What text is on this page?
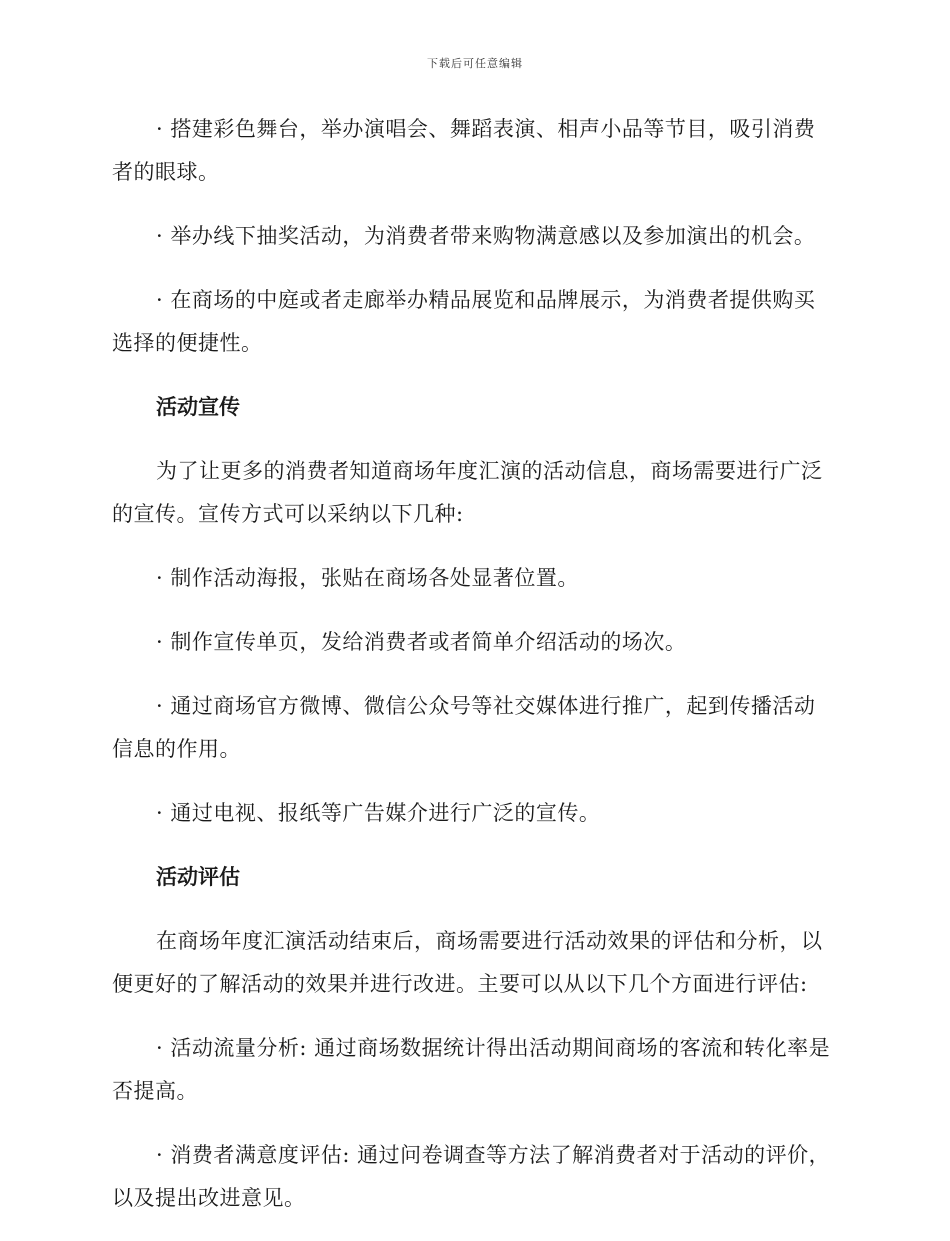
下载后可任意编辑

· 搭建彩色舞台，举办演唱会、舞蹈表演、相声小品等节目，吸引消费者的眼球。

· 举办线下抽奖活动，为消费者带来购物满意感以及参加演出的机会。

· 在商场的中庭或者走廊举办精品展览和品牌展示，为消费者提供购买选择的便捷性。

活动宣传

为了让更多的消费者知道商场年度汇演的活动信息，商场需要进行广泛的宣传。宣传方式可以采纳以下几种:

· 制作活动海报，张贴在商场各处显著位置。

· 制作宣传单页，发给消费者或者简单介绍活动的场次。

· 通过商场官方微博、微信公众号等社交媒体进行推广，起到传播活动信息的作用。

· 通过电视、报纸等广告媒介进行广泛的宣传。

活动评估

在商场年度汇演活动结束后，商场需要进行活动效果的评估和分析，以便更好的了解活动的效果并进行改进。主要可以从以下几个方面进行评估:

· 活动流量分析: 通过商场数据统计得出活动期间商场的客流和转化率是否提高。

· 消费者满意度评估: 通过问卷调查等方法了解消费者对于活动的评价，以及提出改进意见。
